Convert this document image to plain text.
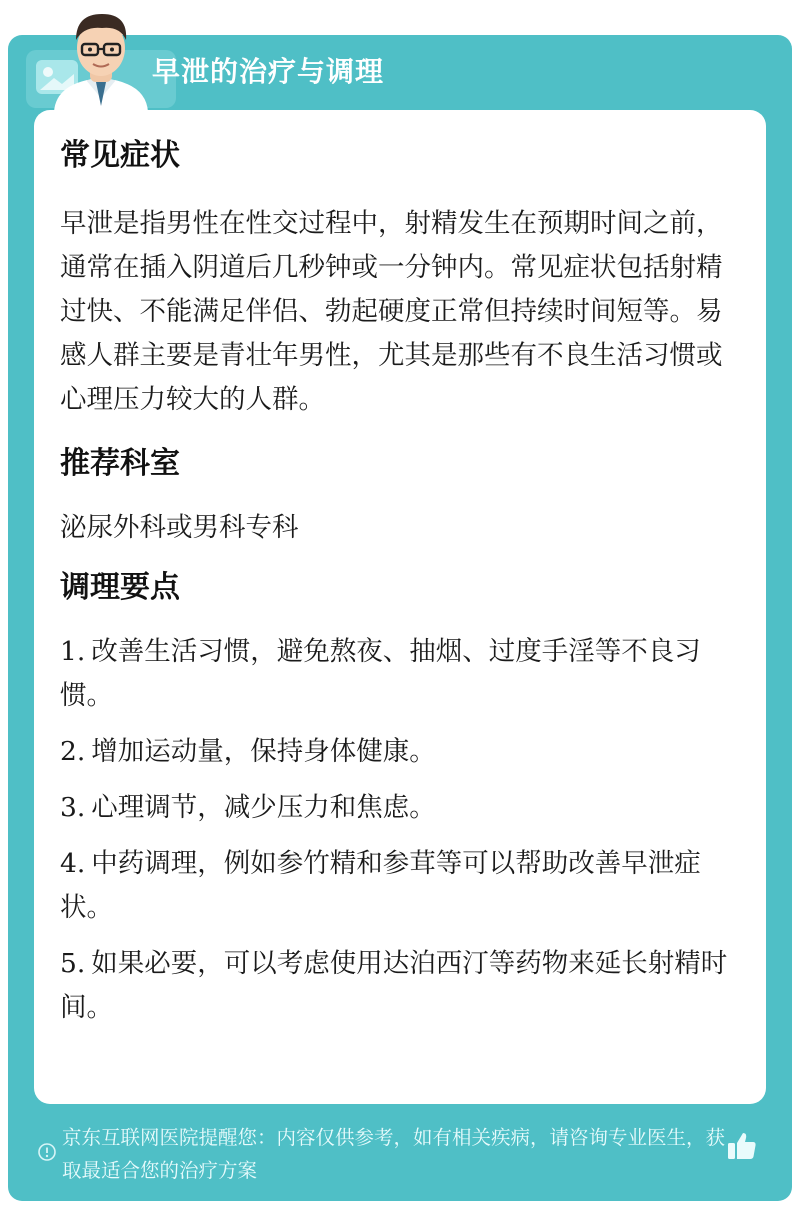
早泄的治疗与调理
常见症状

早泄是指男性在性交过程中，射精发生在预期时间之前，通常在插入阴道后几秒钟或一分钟内。常见症状包括射精过快、不能满足伴侣、勃起硬度正常但持续时间短等。易感人群主要是青壮年男性，尤其是那些有不良生活习惯或心理压力较大的人群。

推荐科室

泌尿外科或男科专科

调理要点

1. 改善生活习惯，避免熬夜、抽烟、过度手淫等不良习惯。

2. 增加运动量，保持身体健康。

3. 心理调节，减少压力和焦虑。

4. 中药调理，例如参竹精和参茸等可以帮助改善早泄症状。

5. 如果必要，可以考虑使用达泊西汀等药物来延长射精时间。

京东互联网医院提醒您：内容仅供参考，如有相关疾病，请咨询专业医生，获取最适合您的治疗方案
